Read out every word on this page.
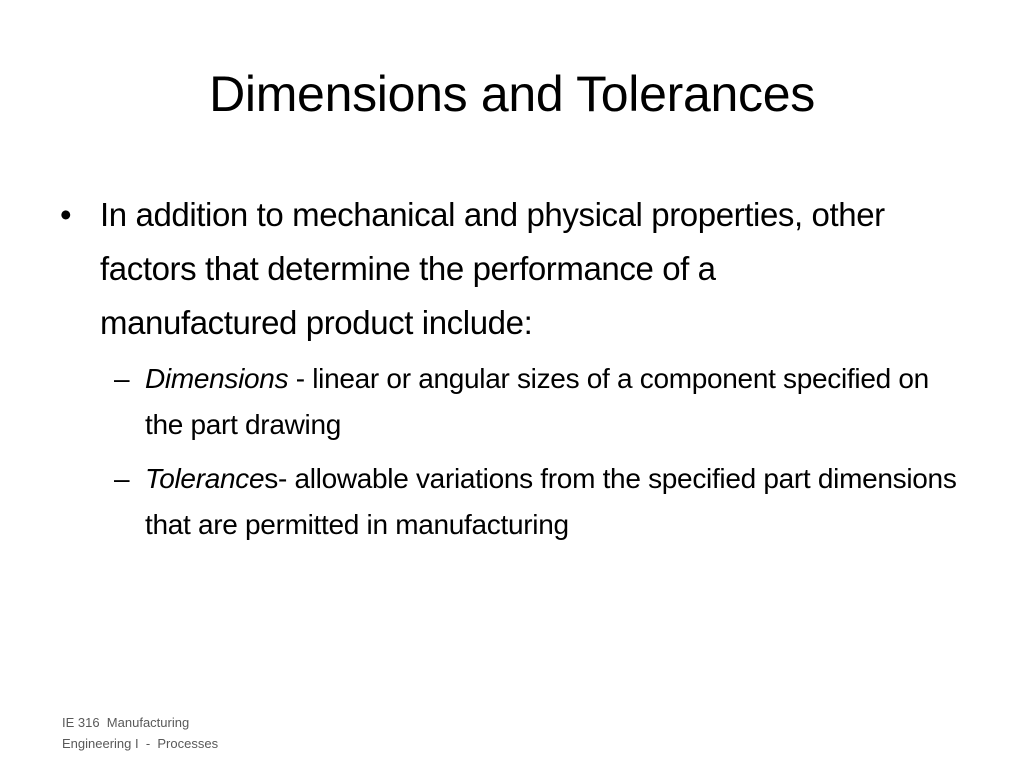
Dimensions and Tolerances
• In addition to mechanical and physical properties, other factors that determine the performance of a manufactured product include:
– Dimensions - linear or angular sizes of a component specified on the part drawing
– Tolerances- allowable variations from the specified part dimensions that are permitted in manufacturing
IE 316  Manufacturing
Engineering I  -  Processes
